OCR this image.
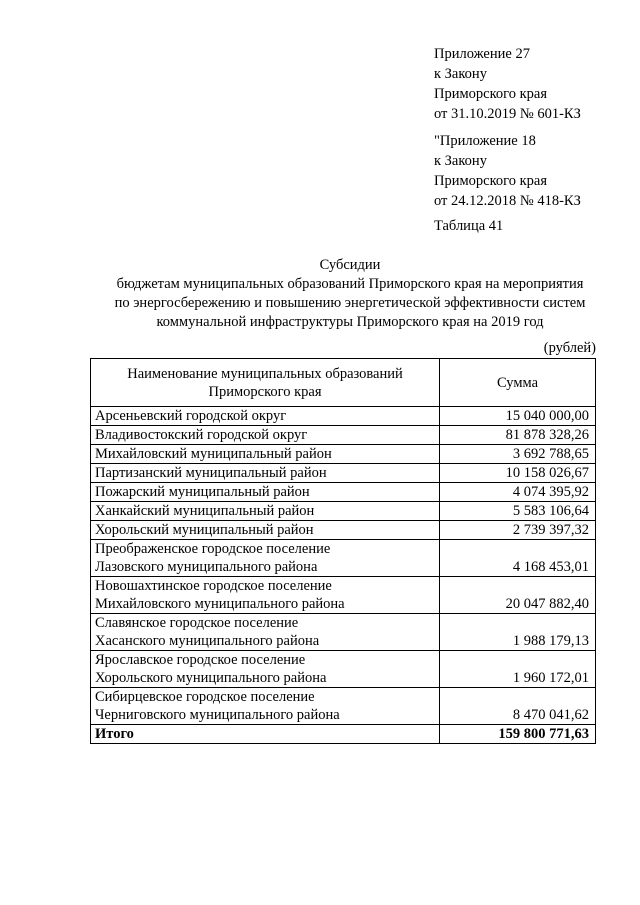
Приложение 27
к Закону
Приморского края
от 31.10.2019 № 601-КЗ
"Приложение 18
к Закону
Приморского края
от 24.12.2018 № 418-КЗ
Таблица 41
Субсидии
бюджетам муниципальных образований Приморского края на мероприятия
по энергосбережению и повышению энергетической эффективности систем
коммунальной инфраструктуры Приморского края на 2019 год
(рублей)
Наименование муниципальных образований
Приморского края	Сумма

Арсеньевский городской округ	15 040 000,00

Владивостокский городской округ	81 878 328,26

Михайловский муниципальный район	3 692 788,65

Партизанский муниципальный район	10 158 026,67

Пожарский муниципальный район	4 074 395,92

Ханкайский муниципальный район	5 583 106,64

Хорольский муниципальный район	2 739 397,32

Преображенское городское поселение
Лазовского муниципального района	4 168 453,01

Новошахтинское городское поселение
Михайловского муниципального района	20 047 882,40

Славянское городское поселение
Хасанского муниципального района	1 988 179,13

Ярославское городское поселение
Хорольского муниципального района	1 960 172,01

Сибирцевское городское поселение
Черниговского муниципального района	8 470 041,62
Итого	159 800 771,63
